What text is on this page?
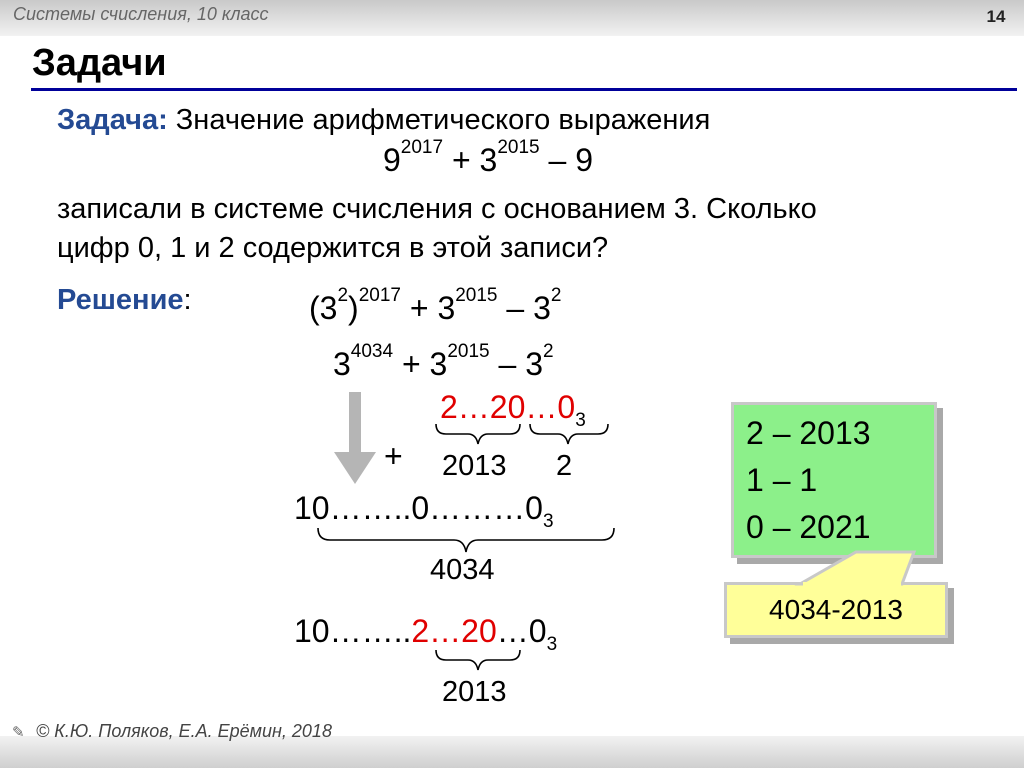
Системы счисления, 10 класс	14
Задачи
Задача: Значение арифметического выражения
$9^{2017} + 3^{2015} - 9$
записали в системе счисления с основанием 3. Сколько
цифр 0, 1 и 2 содержится в этой записи?
Решение:	$(3^2)^{2017} + 3^{2015} - 3^2$
$3^{4034} + 3^{2015} - 3^2$
$2\dots 20\dots 0_3$
+ 2013 2
$10\dots\dots..0\dots\dots\dots 0_3$
4034
$10\dots\dots..2\dots 20\dots 0_3$
2013
2 – 2013
1 – 1
0 – 2021
4034-2013
✎ © К.Ю. Поляков, Е.А. Ерёмин, 2018
